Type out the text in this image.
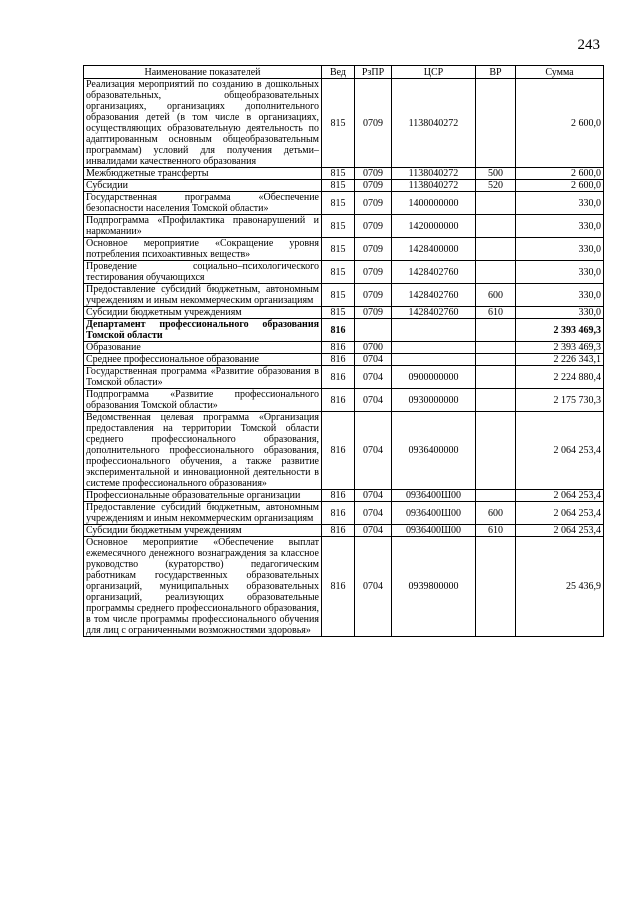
243
Наименование показателей	Вед	РзПР	ЦСР	ВР	Сумма
Реализация мероприятий по созданию в дошкольных образовательных, общеобразовательных организациях, организациях дополнительного образования детей (в том числе в организациях, осуществляющих образовательную деятельность по адаптированным основным общеобразовательным программам) условий для получения детьми–инвалидами качественного образования	815	0709	1138040272		2 600,0
Межбюджетные трансферты	815	0709	1138040272	500	2 600,0
Субсидии	815	0709	1138040272	520	2 600,0
Государственная программа «Обеспечение безопасности населения Томской области»	815	0709	1400000000		330,0
Подпрограмма «Профилактика правонарушений и наркомании»	815	0709	1420000000		330,0
Основное мероприятие «Сокращение уровня потребления психоактивных веществ»	815	0709	1428400000		330,0
Проведение социально–психологического тестирования обучающихся	815	0709	1428402760		330,0
Предоставление субсидий бюджетным, автономным учреждениям и иным некоммерческим организациям	815	0709	1428402760	600	330,0
Субсидии бюджетным учреждениям	815	0709	1428402760	610	330,0
Департамент профессионального образования Томской области	816				2 393 469,3
Образование	816	0700			2 393 469,3
Среднее профессиональное образование	816	0704			2 226 343,1
Государственная программа «Развитие образования в Томской области»	816	0704	0900000000		2 224 880,4
Подпрограмма «Развитие профессионального образования Томской области»	816	0704	0930000000		2 175 730,3
Ведомственная целевая программа «Организация предоставления на территории Томской области среднего профессионального образования, дополнительного профессионального образования, профессионального обучения, а также развитие экспериментальной и инновационной деятельности в системе профессионального образования»	816	0704	0936400000		2 064 253,4
Профессиональные образовательные организации	816	0704	0936400Ш00		2 064 253,4
Предоставление субсидий бюджетным, автономным учреждениям и иным некоммерческим организациям	816	0704	0936400Ш00	600	2 064 253,4
Субсидии бюджетным учреждениям	816	0704	0936400Ш00	610	2 064 253,4
Основное мероприятие «Обеспечение выплат ежемесячного денежного вознаграждения за классное руководство (кураторство) педагогическим работникам государственных образовательных организаций, муниципальных образовательных организаций, реализующих образовательные программы среднего профессионального образования, в том числе программы профессионального обучения для лиц с ограниченными возможностями здоровья»	816	0704	0939800000		25 436,9
